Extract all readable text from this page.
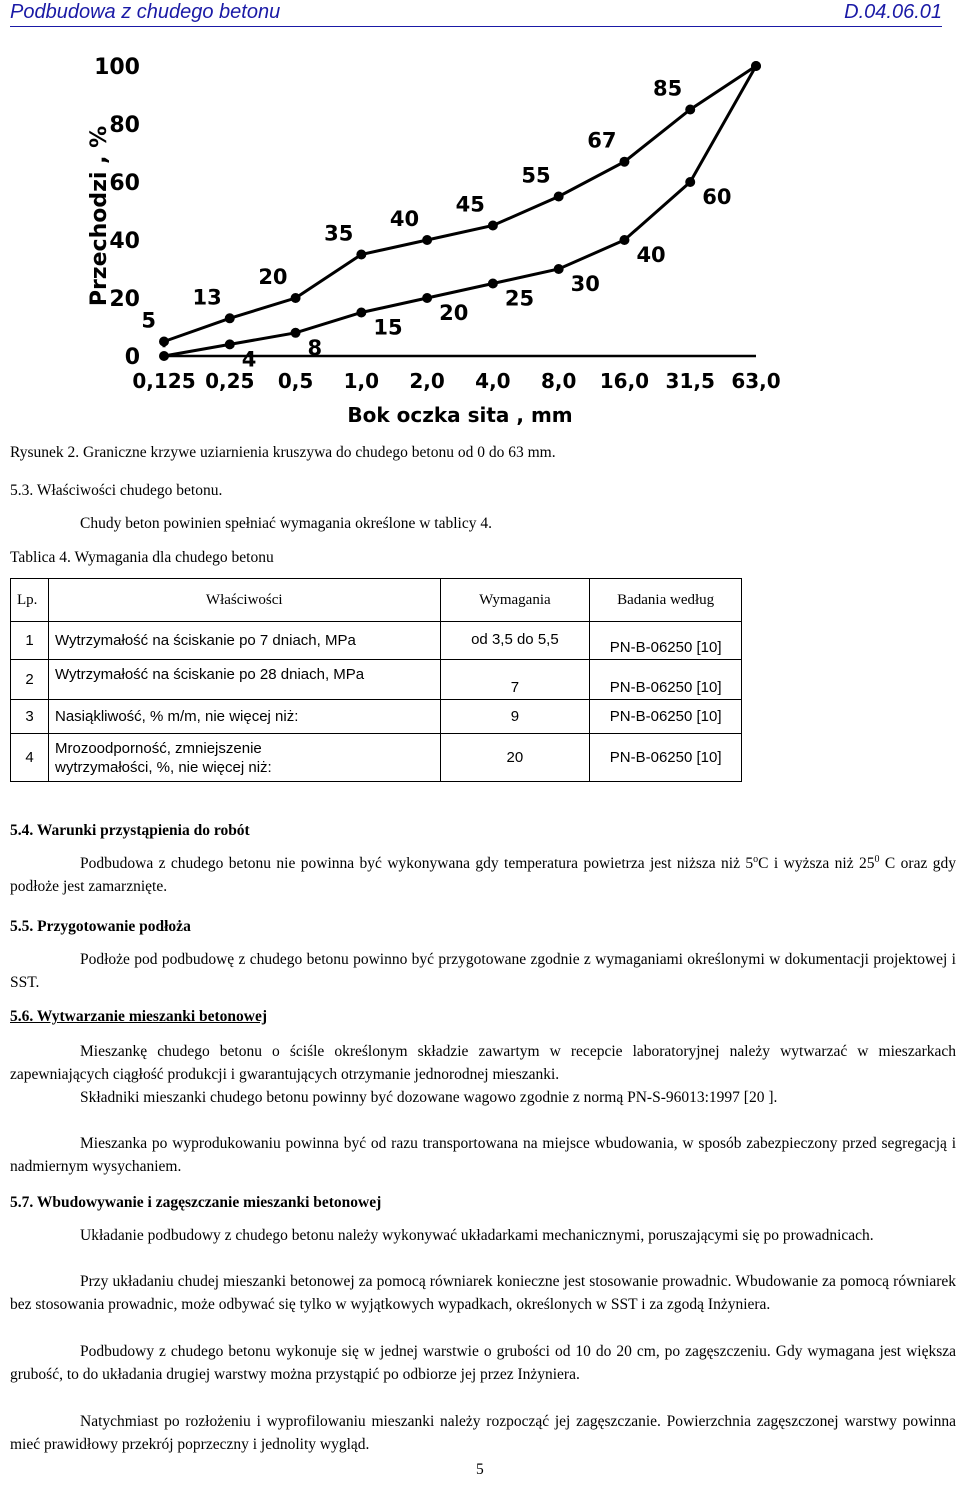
Podbudowa z chudego betonu	D.04.06.01
0
20
40
60
80
100
Przechodzi , %
0,125 0,25 0,5 1,0 2,0 4,0 8,0 16,0 31,5 63,0
Bok oczka sita , mm
5
13
20
35
40
45
55
67
85
4 8
15
20
25
30
40
60
Rysunek 2. Graniczne krzywe uziarnienia kruszywa do chudego betonu od 0 do 63 mm.
5.3. Właściwości chudego betonu.
Chudy beton powinien spełniać wymagania określone w tablicy 4.
Tablica 4. Wymagania dla chudego betonu
Lp.	Właściwości	Wymagania	Badania według
1	Wytrzymałość na ściskanie po 7 dniach, MPa	od 3,5 do 5,5	PN-B-06250 [10]
2	Wytrzymałość na ściskanie po 28 dniach, MPa	7	PN-B-06250 [10]
3	Nasiąkliwość, % m/m, nie więcej niż:	9	PN-B-06250 [10]
4	Mrozoodporność, zmniejszenie wytrzymałości, %, nie więcej niż:	20	PN-B-06250 [10]
5.4. Warunki przystąpienia do robót

Podbudowa z chudego betonu nie powinna być wykonywana gdy temperatura powietrza jest niższa niż 5$^o$C i wyższa niż $25^0$ C oraz gdy podłoże jest zamarznięte.

5.5. Przygotowanie podłoża

Podłoże pod podbudowę z chudego betonu powinno być przygotowane zgodnie z wymaganiami określonymi w dokumentacji projektowej i SST.

5.6. Wytwarzanie mieszanki betonowej

Mieszankę chudego betonu o ściśle określonym składzie zawartym w recepcie laboratoryjnej należy wytwarzać w mieszarkach zapewniających ciągłość produkcji i gwarantujących otrzymanie jednorodnej mieszanki.

Składniki mieszanki chudego betonu powinny być dozowane wagowo zgodnie z normą PN-S-96013:1997 [20 ].

Mieszanka po wyprodukowaniu powinna być od razu transportowana na miejsce wbudowania, w sposób zabezpieczony przed segregacją i nadmiernym wysychaniem.

5.7. Wbudowywanie i zagęszczanie mieszanki betonowej

Układanie podbudowy z chudego betonu należy wykonywać układarkami mechanicznymi, poruszającymi się po prowadnicach.

Przy układaniu chudej mieszanki betonowej za pomocą równiarek konieczne jest stosowanie prowadnic. Wbudowanie za pomocą równiarek bez stosowania prowadnic, może odbywać się tylko w wyjątkowych wypadkach, określonych w SST i za zgodą Inżyniera.

Podbudowy z chudego betonu wykonuje się w jednej warstwie o grubości od 10 do 20 cm, po zagęszczeniu. Gdy wymagana jest większa grubość, to do układania drugiej warstwy można przystąpić po odbiorze jej przez Inżyniera.

Natychmiast po rozłożeniu i wyprofilowaniu mieszanki należy rozpocząć jej zagęszczanie. Powierzchnia zagęszczonej warstwy powinna mieć prawidłowy przekrój poprzeczny i jednolity wygląd.

5
